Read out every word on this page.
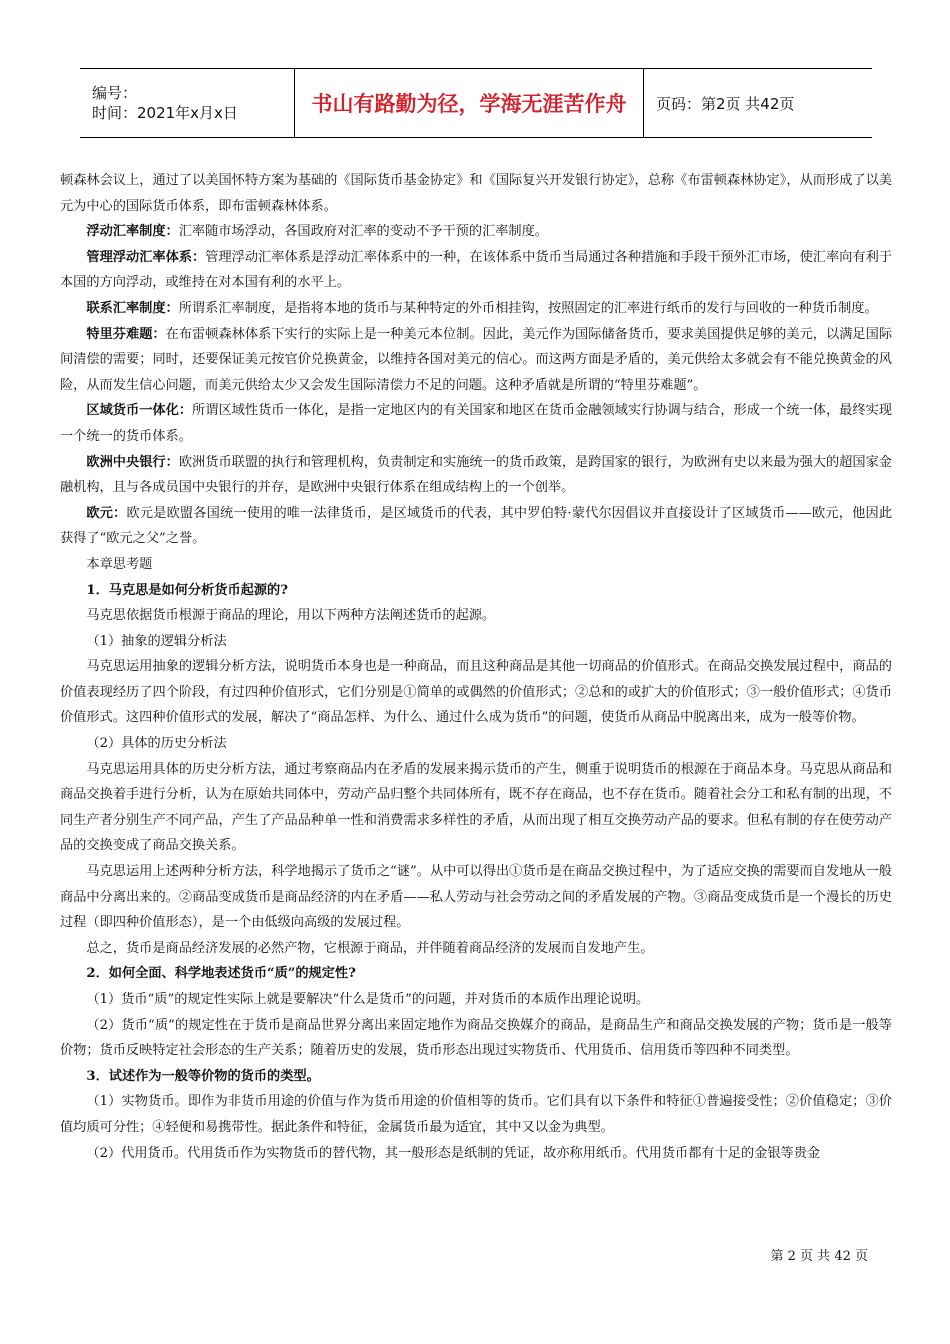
编号：
时间：2021年x月x日	书山有路勤为径，学海无涯苦作舟 页码：第2页 共42页

顿森林会议上，通过了以美国怀特方案为基础的《国际货币基金协定》和《国际复兴开发银行协定》，总称《布雷顿森林协定》，从而形成了以美元为中心的国际货币体系，即布雷顿森林体系。

浮动汇率制度：汇率随市场浮动，各国政府对汇率的变动不予干预的汇率制度。

管理浮动汇率体系：管理浮动汇率体系是浮动汇率体系中的一种，在该体系中货币当局通过各种措施和手段干预外汇市场，使汇率向有利于本国的方向浮动，或维持在对本国有利的水平上。

联系汇率制度：所谓系汇率制度，是指将本地的货币与某种特定的外币相挂钩，按照固定的汇率进行纸币的发行与回收的一种货币制度。

特里芬难题：在布雷顿森林体系下实行的实际上是一种美元本位制。因此，美元作为国际储备货币，要求美国提供足够的美元，以满足国际间清偿的需要；同时，还要保证美元按官价兑换黄金，以维持各国对美元的信心。而这两方面是矛盾的，美元供给太多就会有不能兑换黄金的风险，从而发生信心问题，而美元供给太少又会发生国际清偿力不足的问题。这种矛盾就是所谓的“特里芬难题”。

区域货币一体化：所谓区域性货币一体化，是指一定地区内的有关国家和地区在货币金融领域实行协调与结合，形成一个统一体，最终实现一个统一的货币体系。

欧洲中央银行：欧洲货币联盟的执行和管理机构，负责制定和实施统一的货币政策，是跨国家的银行，为欧洲有史以来最为强大的超国家金融机构，且与各成员国中央银行的并存，是欧洲中央银行体系在组成结构上的一个创举。

欧元：欧元是欧盟各国统一使用的唯一法律货币，是区域货币的代表，其中罗伯特·蒙代尔因倡议并直接设计了区域货币——欧元，他因此获得了“欧元之父”之誉。

本章思考题

1．马克思是如何分析货币起源的?

马克思依据货币根源于商品的理论，用以下两种方法阐述货币的起源。

（1）抽象的逻辑分析法

马克思运用抽象的逻辑分析方法，说明货币本身也是一种商品，而且这种商品是其他一切商品的价值形式。在商品交换发展过程中，商品的价值表现经历了四个阶段，有过四种价值形式，它们分别是①简单的或偶然的价值形式；②总和的或扩大的价值形式；③一般价值形式；④货币价值形式。这四种价值形式的发展，解决了“商品怎样、为什么、通过什么成为货币”的问题，使货币从商品中脱离出来，成为一般等价物。

（2）具体的历史分析法

马克思运用具体的历史分析方法，通过考察商品内在矛盾的发展来揭示货币的产生，侧重于说明货币的根源在于商品本身。马克思从商品和商品交换着手进行分析，认为在原始共同体中，劳动产品归整个共同体所有，既不存在商品，也不存在货币。随着社会分工和私有制的出现，不同生产者分别生产不同产品，产生了产品品种单一性和消费需求多样性的矛盾，从而出现了相互交换劳动产品的要求。但私有制的存在使劳动产品的交换变成了商品交换关系。

马克思运用上述两种分析方法，科学地揭示了货币之“谜”。从中可以得出①货币是在商品交换过程中，为了适应交换的需要而自发地从一般商品中分离出来的。②商品变成货币是商品经济的内在矛盾——私人劳动与社会劳动之间的矛盾发展的产物。③商品变成货币是一个漫长的历史过程（即四种价值形态），是一个由低级向高级的发展过程。

总之，货币是商品经济发展的必然产物，它根源于商品，并伴随着商品经济的发展而自发地产生。

2．如何全面、科学地表述货币“质”的规定性?

（1）货币“质”的规定性实际上就是要解决“什么是货币”的问题，并对货币的本质作出理论说明。

（2）货币“质”的规定性在于货币是商品世界分离出来固定地作为商品交换媒介的商品，是商品生产和商品交换发展的产物；货币是一般等价物；货币反映特定社会形态的生产关系；随着历史的发展，货币形态出现过实物货币、代用货币、信用货币等四种不同类型。

3．试述作为一般等价物的货币的类型。

（1）实物货币。即作为非货币用途的价值与作为货币用途的价值相等的货币。它们具有以下条件和特征①普遍接受性；②价值稳定；③价值均质可分性；④轻便和易携带性。据此条件和特征，金属货币最为适宜，其中又以金为典型。

（2）代用货币。代用货币作为实物货币的替代物，其一般形态是纸制的凭证，故亦称用纸币。代用货币都有十足的金银等贵金

第 2 页 共 42 页
